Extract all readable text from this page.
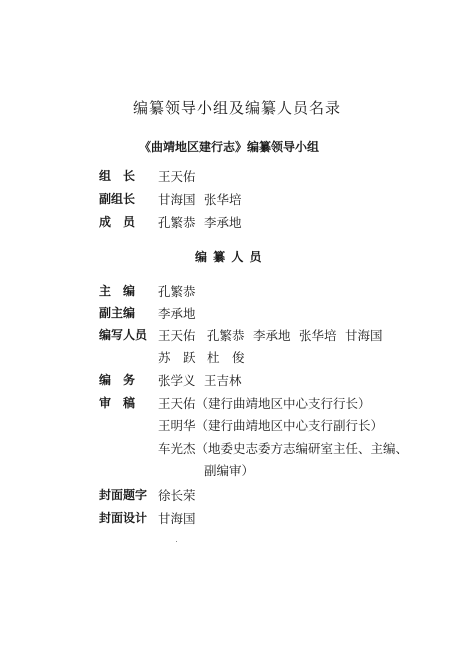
编纂领导小组及编纂人员名录
《曲靖地区建行志》编纂领导小组
组　长 王天佑
副组长 甘海国 张华培
成　员 孔繁恭 李承地
编 纂 人 员
主　编 孔繁恭
副主编 李承地
编写人员 王天佑 孔繁恭 李承地 张华培 甘海国
苏　跃 杜　俊
编　务 张学义 王吉林
审　稿 王天佑（建行曲靖地区中心支行行长）
王明华（建行曲靖地区中心支行副行长）
车光杰（地委史志委方志编研室主任、主编、
副编审）
封面题字 徐长荣
封面设计 甘海国
